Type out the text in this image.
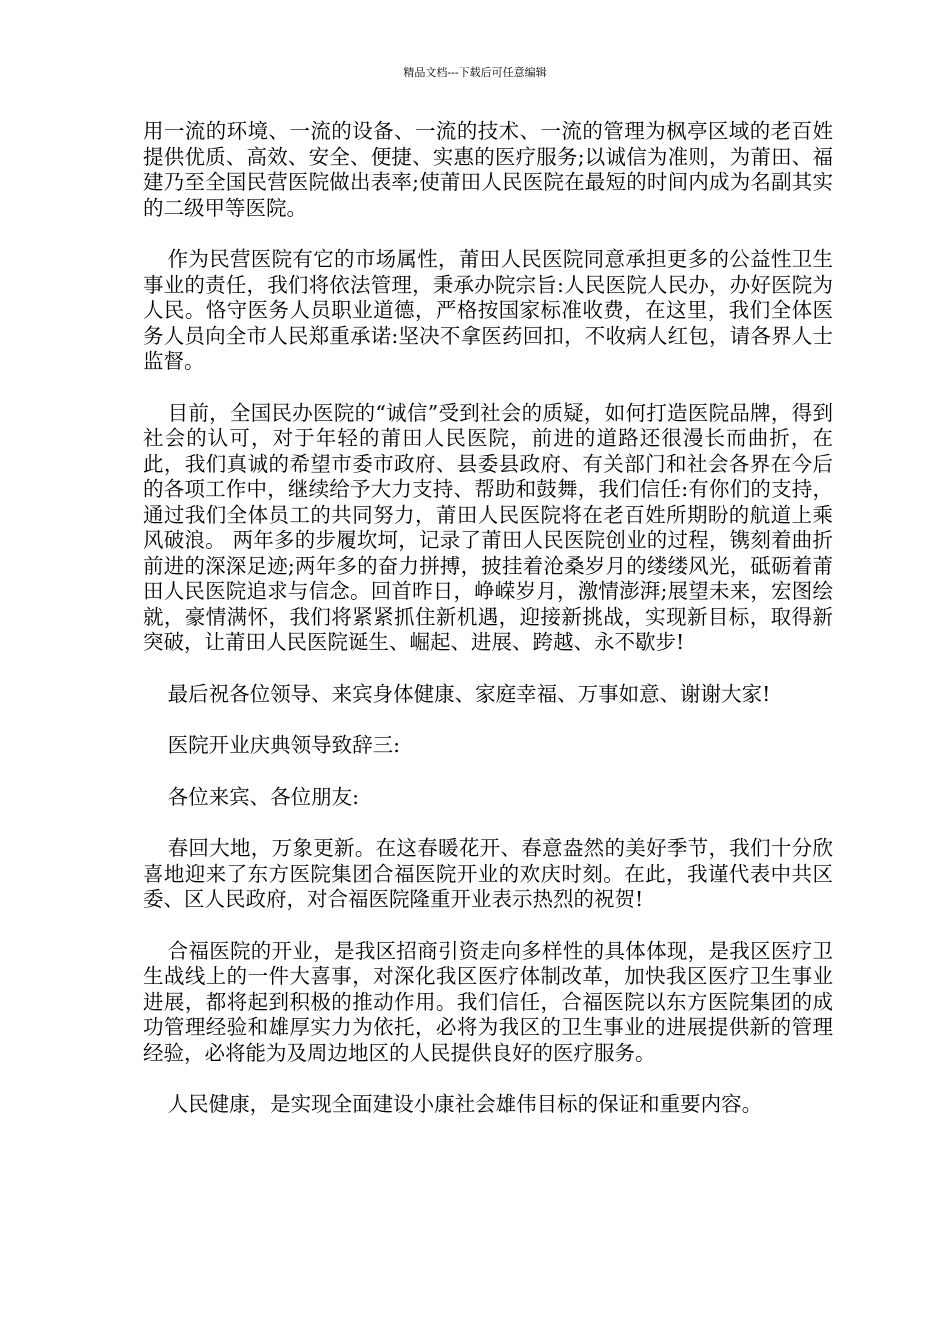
精品文档---下载后可任意编辑

用一流的环境、一流的设备、一流的技术、一流的管理为枫亭区域的老百姓提供优质、高效、安全、便捷、实惠的医疗服务;以诚信为准则，为莆田、福建乃至全国民营医院做出表率;使莆田人民医院在最短的时间内成为名副其实的二级甲等医院。

作为民营医院有它的市场属性，莆田人民医院同意承担更多的公益性卫生事业的责任，我们将依法管理，秉承办院宗旨:人民医院人民办，办好医院为人民。恪守医务人员职业道德，严格按国家标准收费，在这里，我们全体医务人员向全市人民郑重承诺:坚决不拿医药回扣，不收病人红包，请各界人士监督。

目前，全国民办医院的“诚信”受到社会的质疑，如何打造医院品牌，得到社会的认可，对于年轻的莆田人民医院，前进的道路还很漫长而曲折，在此，我们真诚的希望市委市政府、县委县政府、有关部门和社会各界在今后的各项工作中，继续给予大力支持、帮助和鼓舞，我们信任:有你们的支持，通过我们全体员工的共同努力，莆田人民医院将在老百姓所期盼的航道上乘风破浪。 两年多的步履坎坷，记录了莆田人民医院创业的过程，镌刻着曲折前进的深深足迹;两年多的奋力拼搏，披挂着沧桑岁月的缕缕风光，砥砺着莆田人民医院追求与信念。回首昨日，峥嵘岁月，激情澎湃;展望未来，宏图绘就，豪情满怀，我们将紧紧抓住新机遇，迎接新挑战，实现新目标，取得新突破，让莆田人民医院诞生、崛起、进展、跨越、永不歇步!

最后祝各位领导、来宾身体健康、家庭幸福、万事如意、谢谢大家!

医院开业庆典领导致辞三:

各位来宾、各位朋友:

春回大地，万象更新。在这春暖花开、春意盎然的美好季节，我们十分欣喜地迎来了东方医院集团合福医院开业的欢庆时刻。在此，我谨代表中共区委、区人民政府，对合福医院隆重开业表示热烈的祝贺!

合福医院的开业，是我区招商引资走向多样性的具体体现，是我区医疗卫生战线上的一件大喜事，对深化我区医疗体制改革，加快我区医疗卫生事业进展，都将起到积极的推动作用。我们信任，合福医院以东方医院集团的成功管理经验和雄厚实力为依托，必将为我区的卫生事业的进展提供新的管理经验，必将能为及周边地区的人民提供良好的医疗服务。

人民健康，是实现全面建设小康社会雄伟目标的保证和重要内容。
